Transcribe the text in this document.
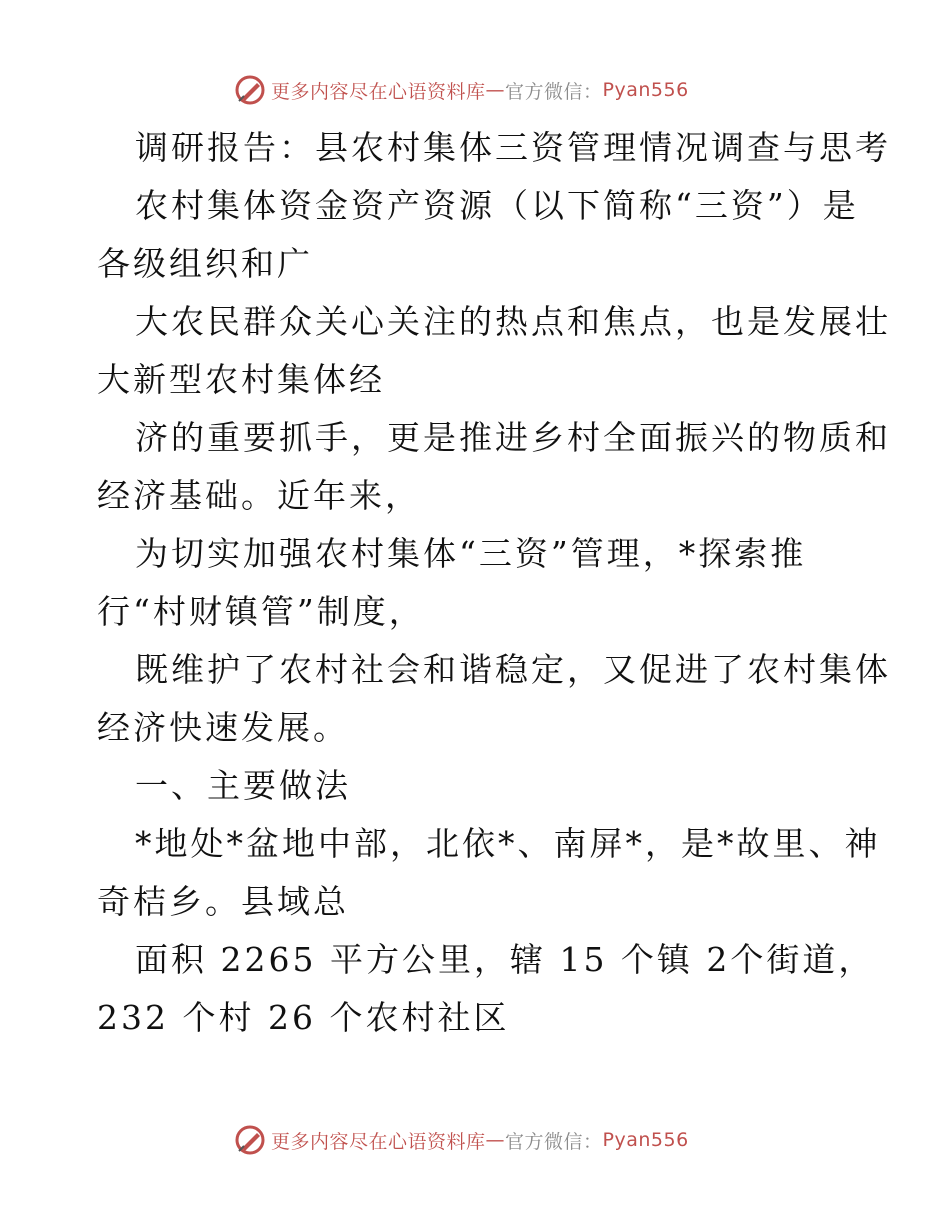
更多内容尽在心语资料库 — 官方微信： Pyan556
调研报告：县农村集体三资管理情况调查与思考
农村集体资金资产资源（以下简称“三资”）是
各级组织和广
大农民群众关心关注的热点和焦点，也是发展壮
大新型农村集体经
济的重要抓手，更是推进乡村全面振兴的物质和
经济基础。近年来，
为切实加强农村集体“三资”管理，*探索推
行“村财镇管”制度，
既维护了农村社会和谐稳定，又促进了农村集体
经济快速发展。
一、主要做法
*地处*盆地中部，北依*、南屏*，是*故里、神
奇桔乡。县域总
面积 2265 平方公里，辖 15 个镇 2个街道，
232 个村 26 个农村社区
更多内容尽在心语资料库 — 官方微信： Pyan556
